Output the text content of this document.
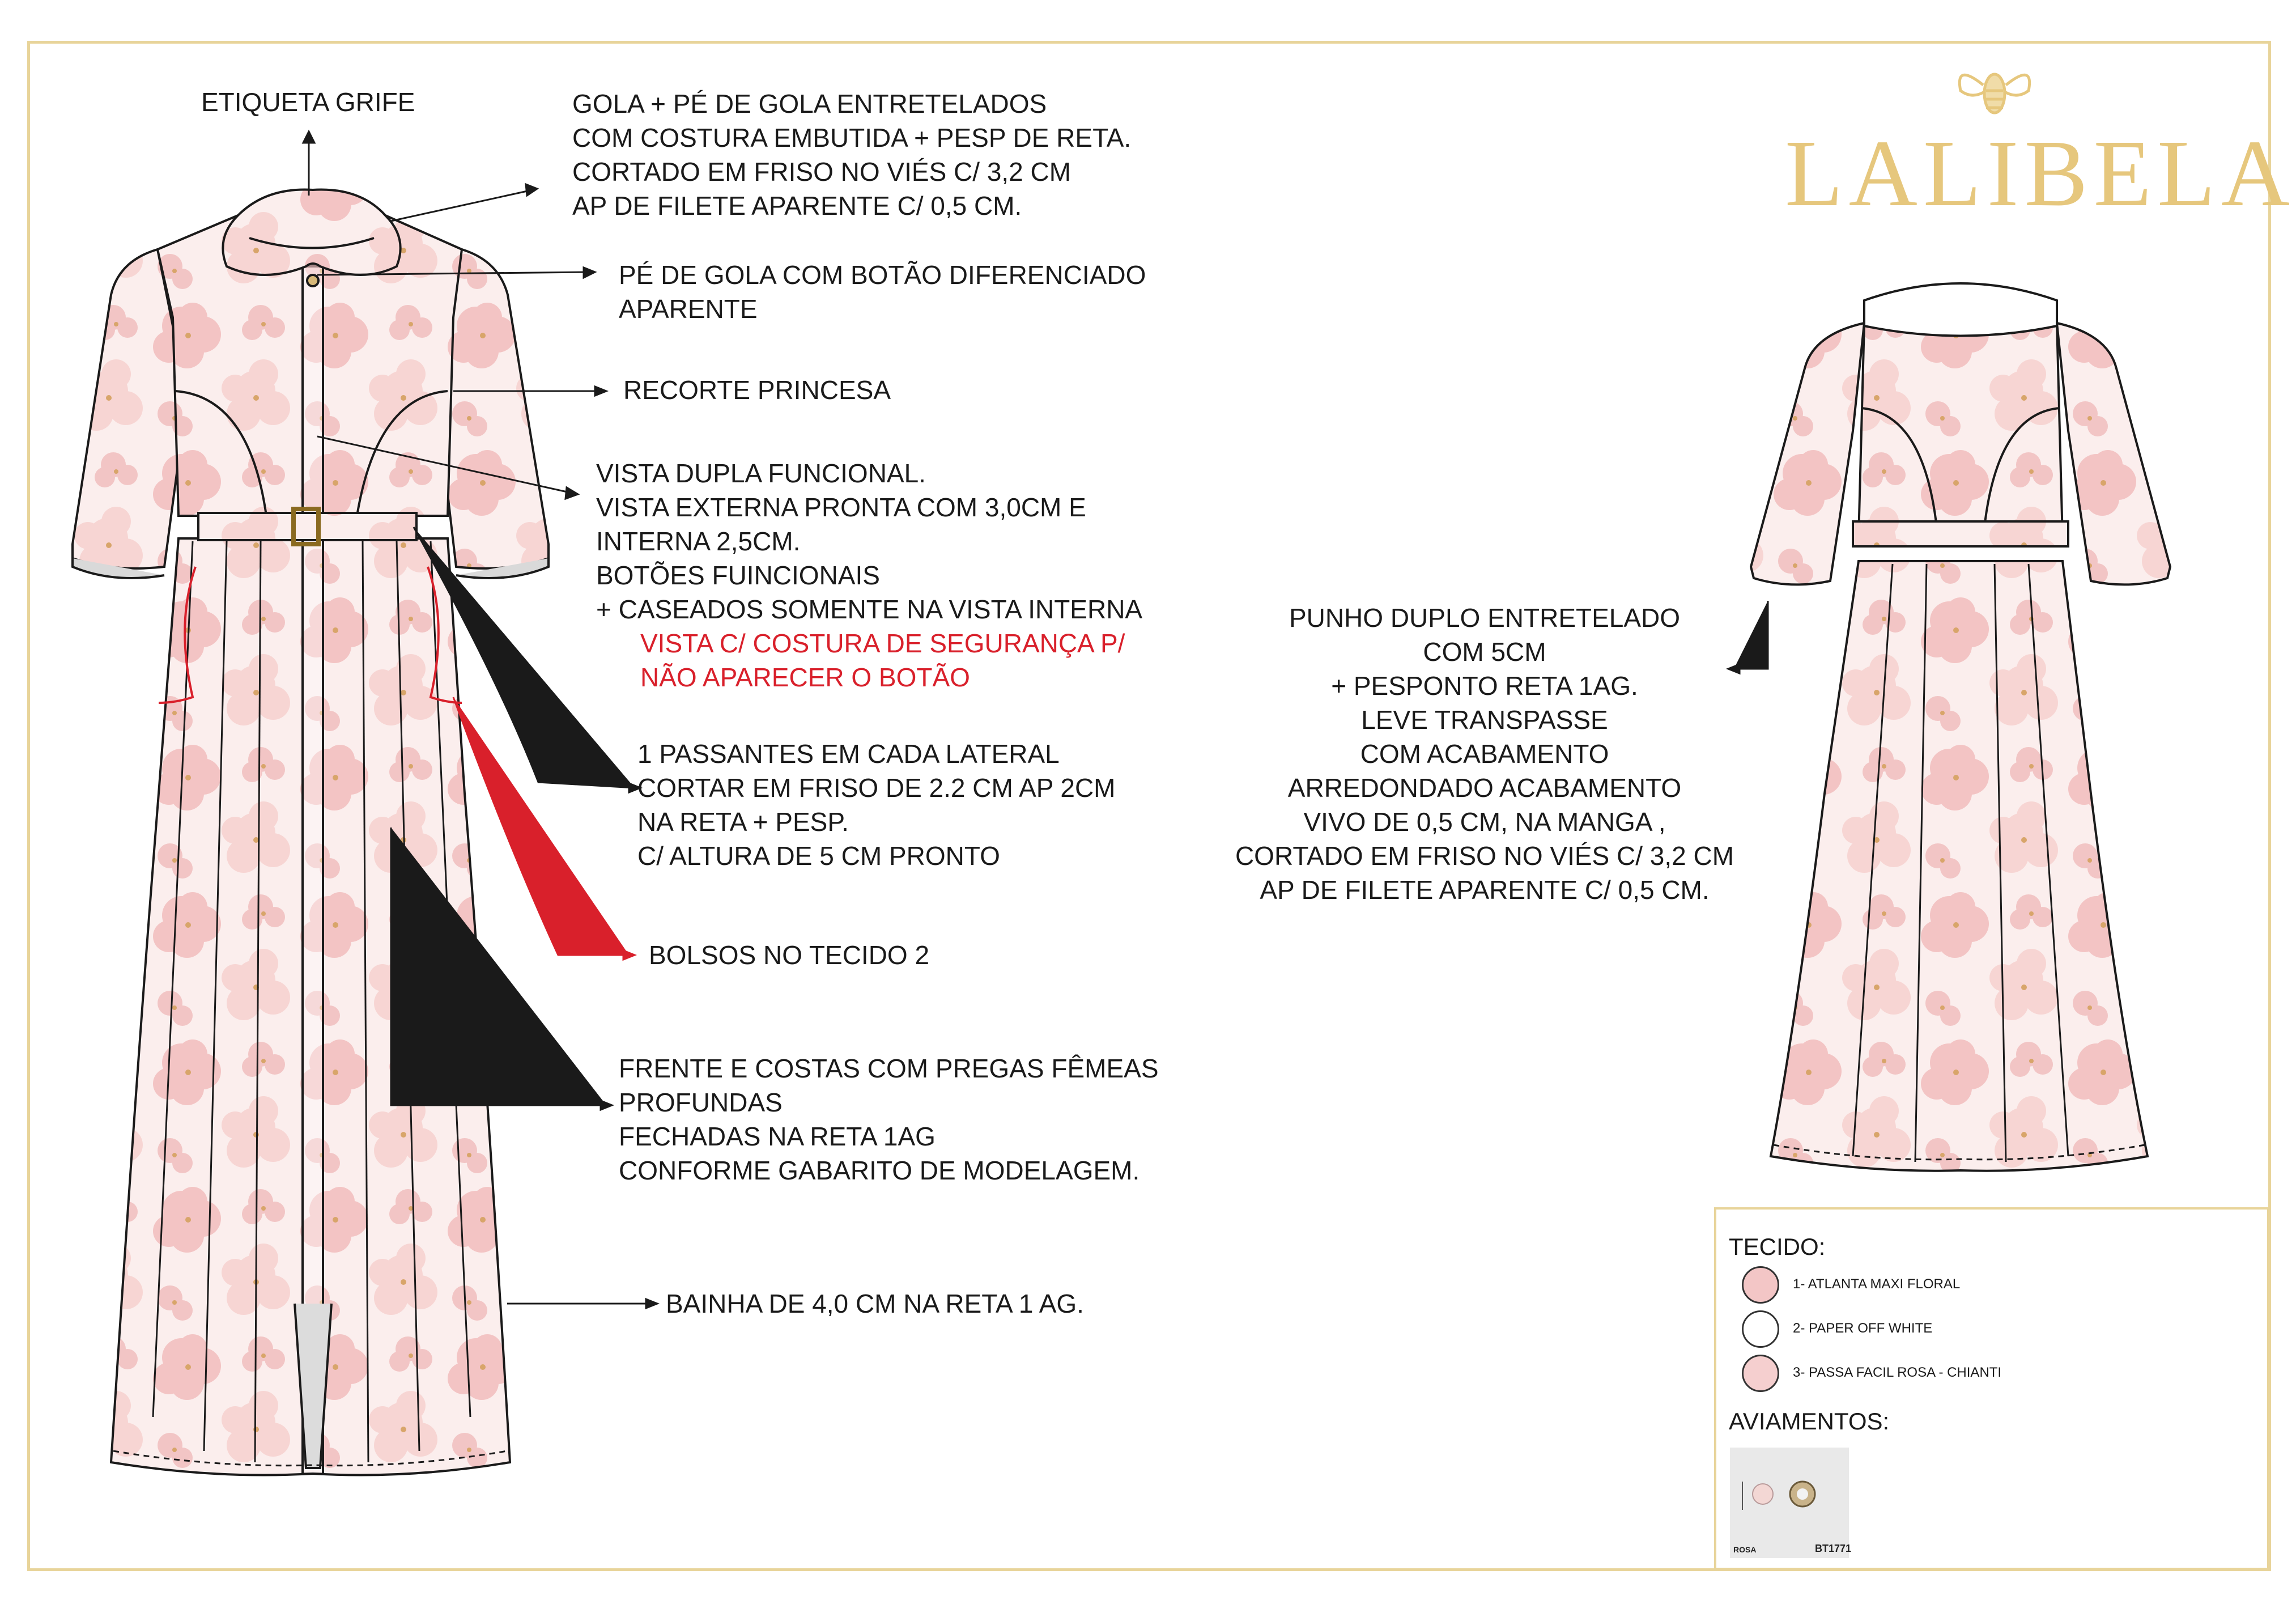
LALIBELA
ETIQUETA GRIFE	GOLA + PÉ DE GOLA ENTRETELADOS
COM COSTURA EMBUTIDA + PESP DE RETA.
CORTADO EM FRISO NO VIÉS C/ 3,2 CM
AP DE FILETE APARENTE C/ 0,5 CM.
PÉ DE GOLA COM BOTÃO DIFERENCIADO
APARENTE
RECORTE PRINCESA
VISTA DUPLA FUNCIONAL.
VISTA EXTERNA PRONTA COM 3,0CM E
INTERNA 2,5CM.
BOTÕES FUINCIONAIS
+ CASEADOS SOMENTE NA VISTA INTERNA
VISTA C/ COSTURA DE SEGURANÇA P/
NÃO APARECER O BOTÃO
1 PASSANTES EM CADA LATERAL
CORTAR EM FRISO DE 2.2 CM AP 2CM
NA RETA + PESP.
C/ ALTURA DE 5 CM PRONTO
BOLSOS NO TECIDO 2
FRENTE E COSTAS COM PREGAS FÊMEAS
PROFUNDAS
FECHADAS NA RETA 1AG
CONFORME GABARITO DE MODELAGEM.
BAINHA DE 4,0 CM NA RETA 1 AG.
PUNHO DUPLO ENTRETELADO
COM 5CM
+ PESPONTO RETA 1AG.
LEVE TRANSPASSE
COM ACABAMENTO
ARREDONDADO ACABAMENTO
VIVO DE 0,5 CM, NA MANGA ,
CORTADO EM FRISO NO VIÉS C/ 3,2 CM
AP DE FILETE APARENTE C/ 0,5 CM.
TECIDO:
1- ATLANTA MAXI FLORAL
2- PAPER OFF WHITE
3- PASSA FACIL ROSA - CHIANTI
AVIAMENTOS:
ROSA	BT1771
